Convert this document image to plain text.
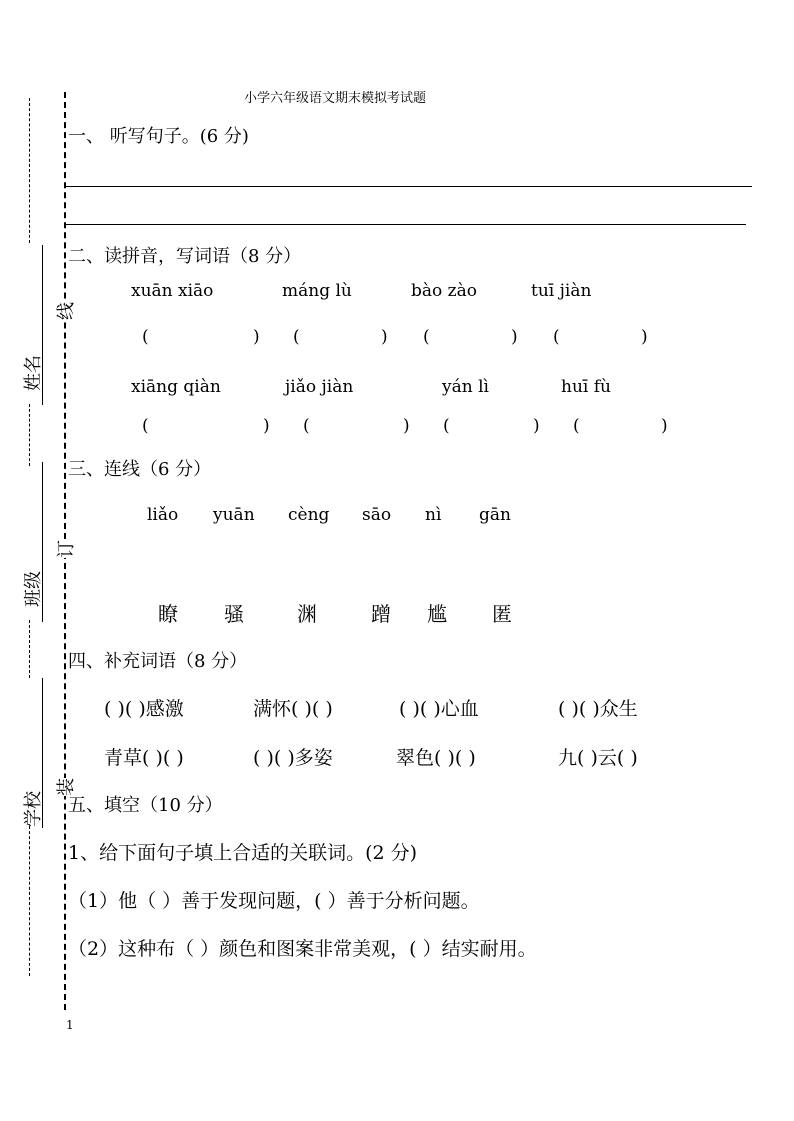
姓名
班级
学校
线
订
装
1
小学六年级语文期末模拟考试题
一、 听写句子。(6 分)
二、读拼音，写词语（8 分）
xuān xiāo	máng lù	bào zào	tuī jiàn
(	) (	) (	) (	)
xiāng qiàn	jiǎo jiàn	yán lì	huī fù
(	) (	) (	) (	)
三、连线（6 分）
liǎo yuān cèng sāo nì gān
瞭 骚	渊	蹭 尴 匿
四、补充词语（8 分）
( )( )感激	满怀( )( )	( )( )心血	( )( )众生
青草( )( )	( )( )多姿	翠色( )( )	九( )云( )
五、填空（10 分）
1、给下面句子填上合适的关联词。(2 分)
（1）他（ ）善于发现问题，( ）善于分析问题。
（2）这种布（ ）颜色和图案非常美观，( ）结实耐用。
